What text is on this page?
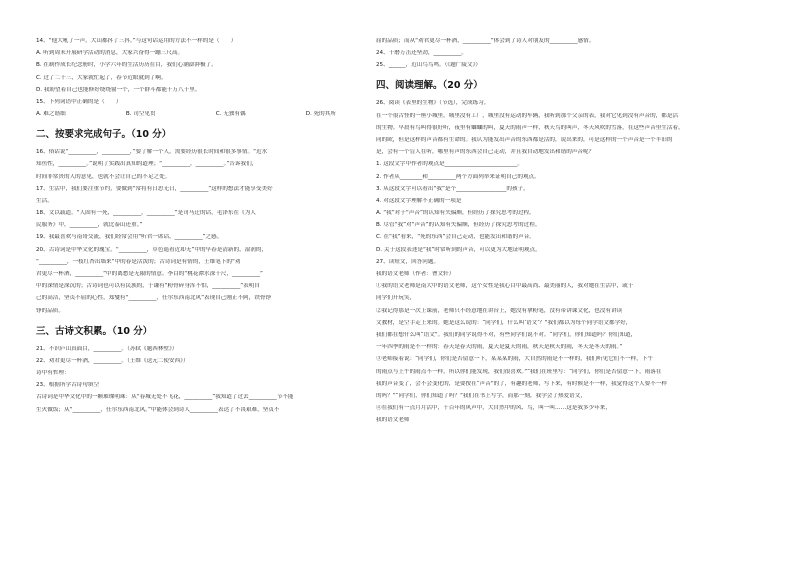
14、“他大吼了一声，大山都抖了三抖。”与这句话运用的方法不一样的是（　　）

A. 听到周末开展研学活动的消息，大家兴奋得一蹦三尺高。

B. 在制作成长纪念册时，小学六年的生活历历在目，我们心潮澎湃极了。

C. 过了二十三，大家就忙起了，春节近眼就到了啊。

D. 我盼望着自己也能修好绕绕窗一个，一个群斗都能千万八千里。

15、下列词语中正确的是（　　）

A. 难之谐细	B. 司空见贯	C. 无独有偶	D. 死的其所
二、按要求完成句子。（10 分）

16、俗话说“__________，__________，”要了解一个人，需要经历很长时间和很多事情。“近水

知鱼性，__________。”说明了实践出真知的道理；“__________，__________。”告诉我们，

时间非常贵的人的意见，也就不会让自己的不足之处。

17、生活中，我们要注重节约，要做到“常将有日思无日，__________”这样的想法才能享受美好

生活。

18、文以载道。“人固有一死，__________，__________”是司马迁的话，毛泽东在《为人

民服务》中，__________，就比泰山还重。”

19、我最喜欢与南哥交流，我们经常会用“听君一席话，__________”之感。

20、古诗词是中华文化的瑰宝。“__________，草色遥看近却无”中的早春是清新的，湿润的，

“__________，一枝红杏出墙来”中的春是活泼的；古诗词是有情的，王维笔下的“劝

君更尽一杯酒，__________”中的离愁是无限的情意。李白的“桃花潭水深千尺，__________”

中的深情是深沉的；古诗词也可以有民族的，于谦有“粉骨碎身浑不怕，__________”表明自

己的高洁，坚贞不屈的心性，郑燮有“__________，任尔东西南北风”表现自己刚正不阿，铁骨铮

铮的品质。

三、古诗文积累。（10 分）

21、不识庐山真面目，__________。（苏轼《题西林壁》）

22、劝君更尽一杯酒，__________。（王维《送元二使安西》）

诗中有哲理：

23、根据所学古诗句填空

古诗词是中华文化中的一颗璀璨明珠：从“春城无处不飞花，__________”我知道了过去__________节不能

生火做饭；从“__________，任尔东西南北风。”中能体会到诗人__________表达了不畏艰难，坚贞不

屈的品质；而从“劝君更尽一杯酒，__________”体会到了诗人对朋友的__________感情。

24、千磨万击还坚劲，__________。

25、______，近山鸟鸟鸣。（《题广陵文》）

四、阅读理解。（20 分）

26、阅读《表里的生物》（节选），完成练习。

在一个很古怪的一座小城里，城里没有工厂，城里没有运动的车辆，我听到那个父亲的表，我对它见到没有声音的，都是活

的生物。早晨有鸟叫得很好听，夜里有蛐蛐的叫，夏天的雨声一样，秋天鸟的叫声，冬天风吹的雪落，在这些声音里生活着，

同的欧，但是这样的声音都有生命的。我认为能发出声音的东西都是活的，说出来的，可是这样的一个声音是一个半旧的

是，会有一个盲人在听，哪里有声的东西会自己走动，并且我自动地发出和谐的声音呢？

1. 这段文字中作者的观点是__________________________。

2. 作者从________和__________两个方面列举来证明自己的观点。

3. 从这段文字可以看出“我”是个__________________的孩子。

4. 对这段文字理解不正确的一项是

A. “我”对于“声音”的认知有失偏颇，但经历了探究思考的过程。

B. 尽管“我”对“声音”的认知有失偏颇，但经历了探究思考的过程。

C. 在“我”看来，“死的东西”会自己走动，也能发出和谐的声音。

D. 关于这段表述是“我”时常听到的声音，可以更为大地证明观点。

27、读短文，回答问题。

我的语文老师（作者：曹文轩）

①我的语文老师是南大中的语文老师，这个女性是我心目中最高尚、最美丽的人，我对她在生活中，或于

同学们开玩笑，

②我记得那是一次上课前，老师只不经意地在讲台上，她没有拿粉笔，没有带讲课文化，也没有讲读

文教材，是空手走上来的。她是这么说的：“同学们，什么叫‘语文’？”我们都以为每个同学语文都学好，

我们都在想什么叫“语文”。我们的同学说得不对，有些同学们说不对。“同学们，你们知道吗？你们知道，

一年四季的雨是不一样的：春天是春天的雨，夏天是夏天的雨，秋天是秋天的雨，冬天是冬天的雨。”

③老师接着说：“同学们，你们是否留意一下，某某某的雨，大自然的雨是不一样的，我们听见它们不一样，下午

的雨点与上午的雨点不一样，所以你们能发现，我们很喜欢。”“我们在班里写：“同学们，你们是否留意一下，雨落在

我的声音变了，会不会变化的，是要按在“声音”的了，有趣的老师，写下来，有时候是不一样，我觉得这个人要不一样

的吗？”“同学们，你们知道了吗？”我们在书上写字，而那一刻，我学会了热爱语文，

④在我们有一点月月活中，千百年的风声中，大自然中的风、鸟，叫一叫……这是我多少年来，

我的语文老师
